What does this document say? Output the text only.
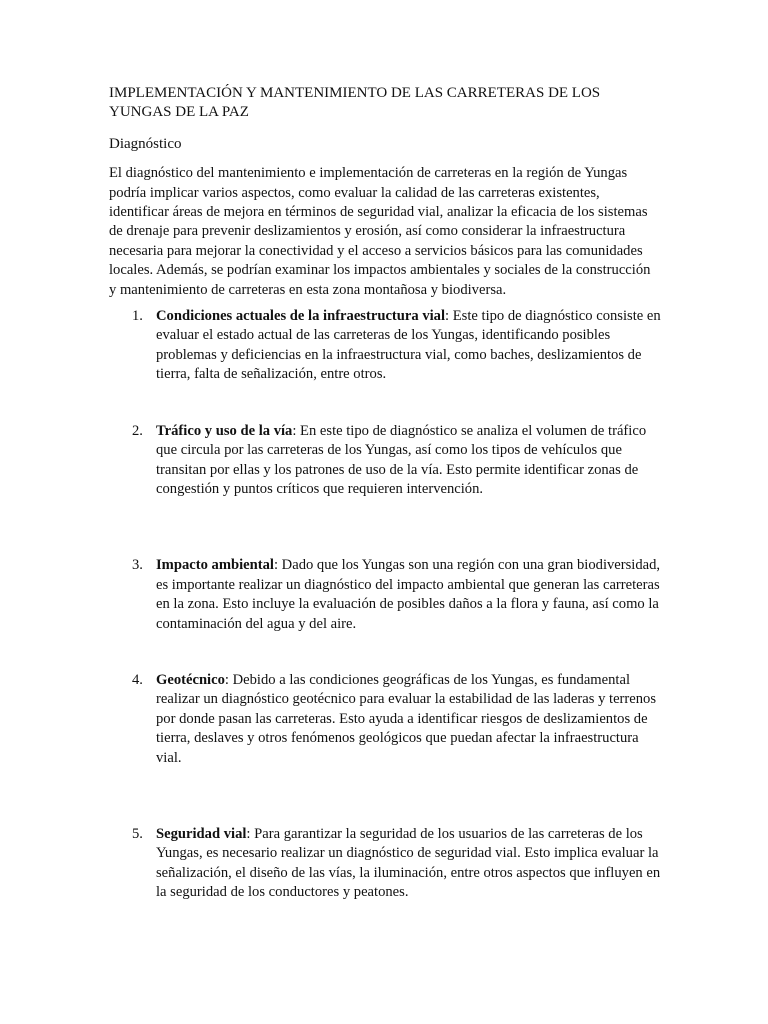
IMPLEMENTACIÓN Y MANTENIMIENTO DE LAS CARRETERAS DE LOS YUNGAS DE LA PAZ
Diagnóstico

El diagnóstico del mantenimiento e implementación de carreteras en la región de Yungas podría implicar varios aspectos, como evaluar la calidad de las carreteras existentes, identificar áreas de mejora en términos de seguridad vial, analizar la eficacia de los sistemas de drenaje para prevenir deslizamientos y erosión, así como considerar la infraestructura necesaria para mejorar la conectividad y el acceso a servicios básicos para las comunidades locales. Además, se podrían examinar los impactos ambientales y sociales de la construcción y mantenimiento de carreteras en esta zona montañosa y biodiversa.

1. Condiciones actuales de la infraestructura vial: Este tipo de diagnóstico consiste en evaluar el estado actual de las carreteras de los Yungas, identificando posibles problemas y deficiencias en la infraestructura vial, como baches, deslizamientos de tierra, falta de señalización, entre otros.
2. Tráfico y uso de la vía: En este tipo de diagnóstico se analiza el volumen de tráfico que circula por las carreteras de los Yungas, así como los tipos de vehículos que transitan por ellas y los patrones de uso de la vía. Esto permite identificar zonas de congestión y puntos críticos que requieren intervención.
3. Impacto ambiental: Dado que los Yungas son una región con una gran biodiversidad, es importante realizar un diagnóstico del impacto ambiental que generan las carreteras en la zona. Esto incluye la evaluación de posibles daños a la flora y fauna, así como la contaminación del agua y del aire.
4. Geotécnico: Debido a las condiciones geográficas de los Yungas, es fundamental realizar un diagnóstico geotécnico para evaluar la estabilidad de las laderas y terrenos por donde pasan las carreteras. Esto ayuda a identificar riesgos de deslizamientos de tierra, deslaves y otros fenómenos geológicos que puedan afectar la infraestructura vial.
5. Seguridad vial: Para garantizar la seguridad de los usuarios de las carreteras de los Yungas, es necesario realizar un diagnóstico de seguridad vial. Esto implica evaluar la señalización, el diseño de las vías, la iluminación, entre otros aspectos que influyen en la seguridad de los conductores y peatones.
